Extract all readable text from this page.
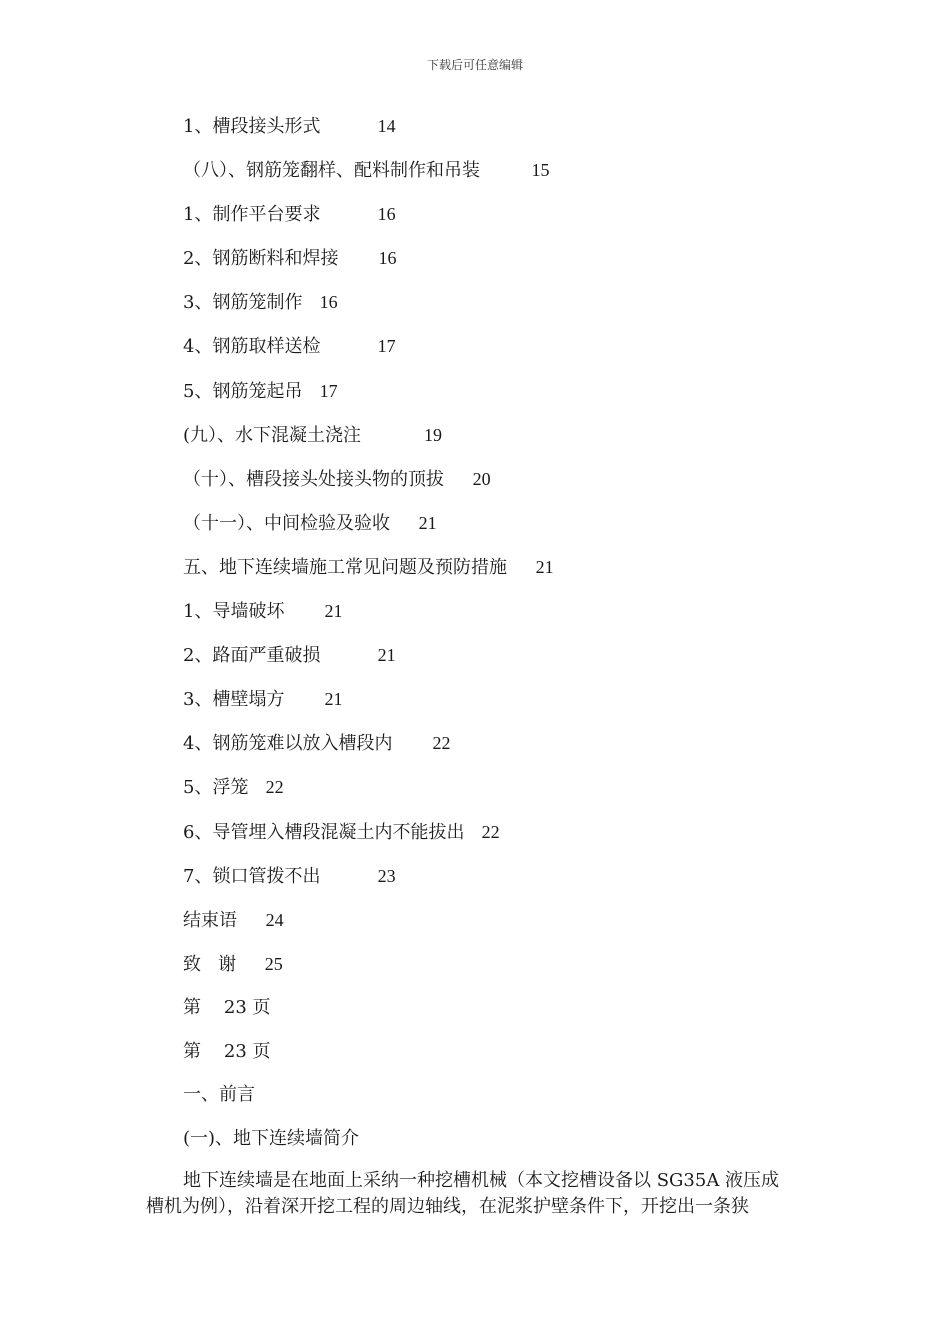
下载后可任意编辑
1、槽段接头形式	14
（八）、钢筋笼翻样、配料制作和吊装	15
1、制作平台要求	16
2、钢筋断料和焊接 16
3、钢筋笼制作 16
4、钢筋取样送检	17
5、钢筋笼起吊 17
(九）、水下混凝土浇注	19
（十）、槽段接头处接头物的顶拔 20
（十一）、中间检验及验收 21
五、地下连续墙施工常见问题及预防措施 21
1、导墙破坏 21
2、路面严重破损	21
3、槽壁塌方 21
4、钢筋笼难以放入槽段内 22
5、浮笼 22
6、导管埋入槽段混凝土内不能拔出 22
7、锁口管拨不出	23
结束语 24
致   谢 25
第    23 页
第    23 页
一、前言
(一)、地下连续墙简介
地下连续墙是在地面上采纳一种挖槽机械（本文挖槽设备以 SG35A 液压成
槽机为例），沿着深开挖工程的周边轴线，在泥浆护壁条件下，开挖出一条狭
